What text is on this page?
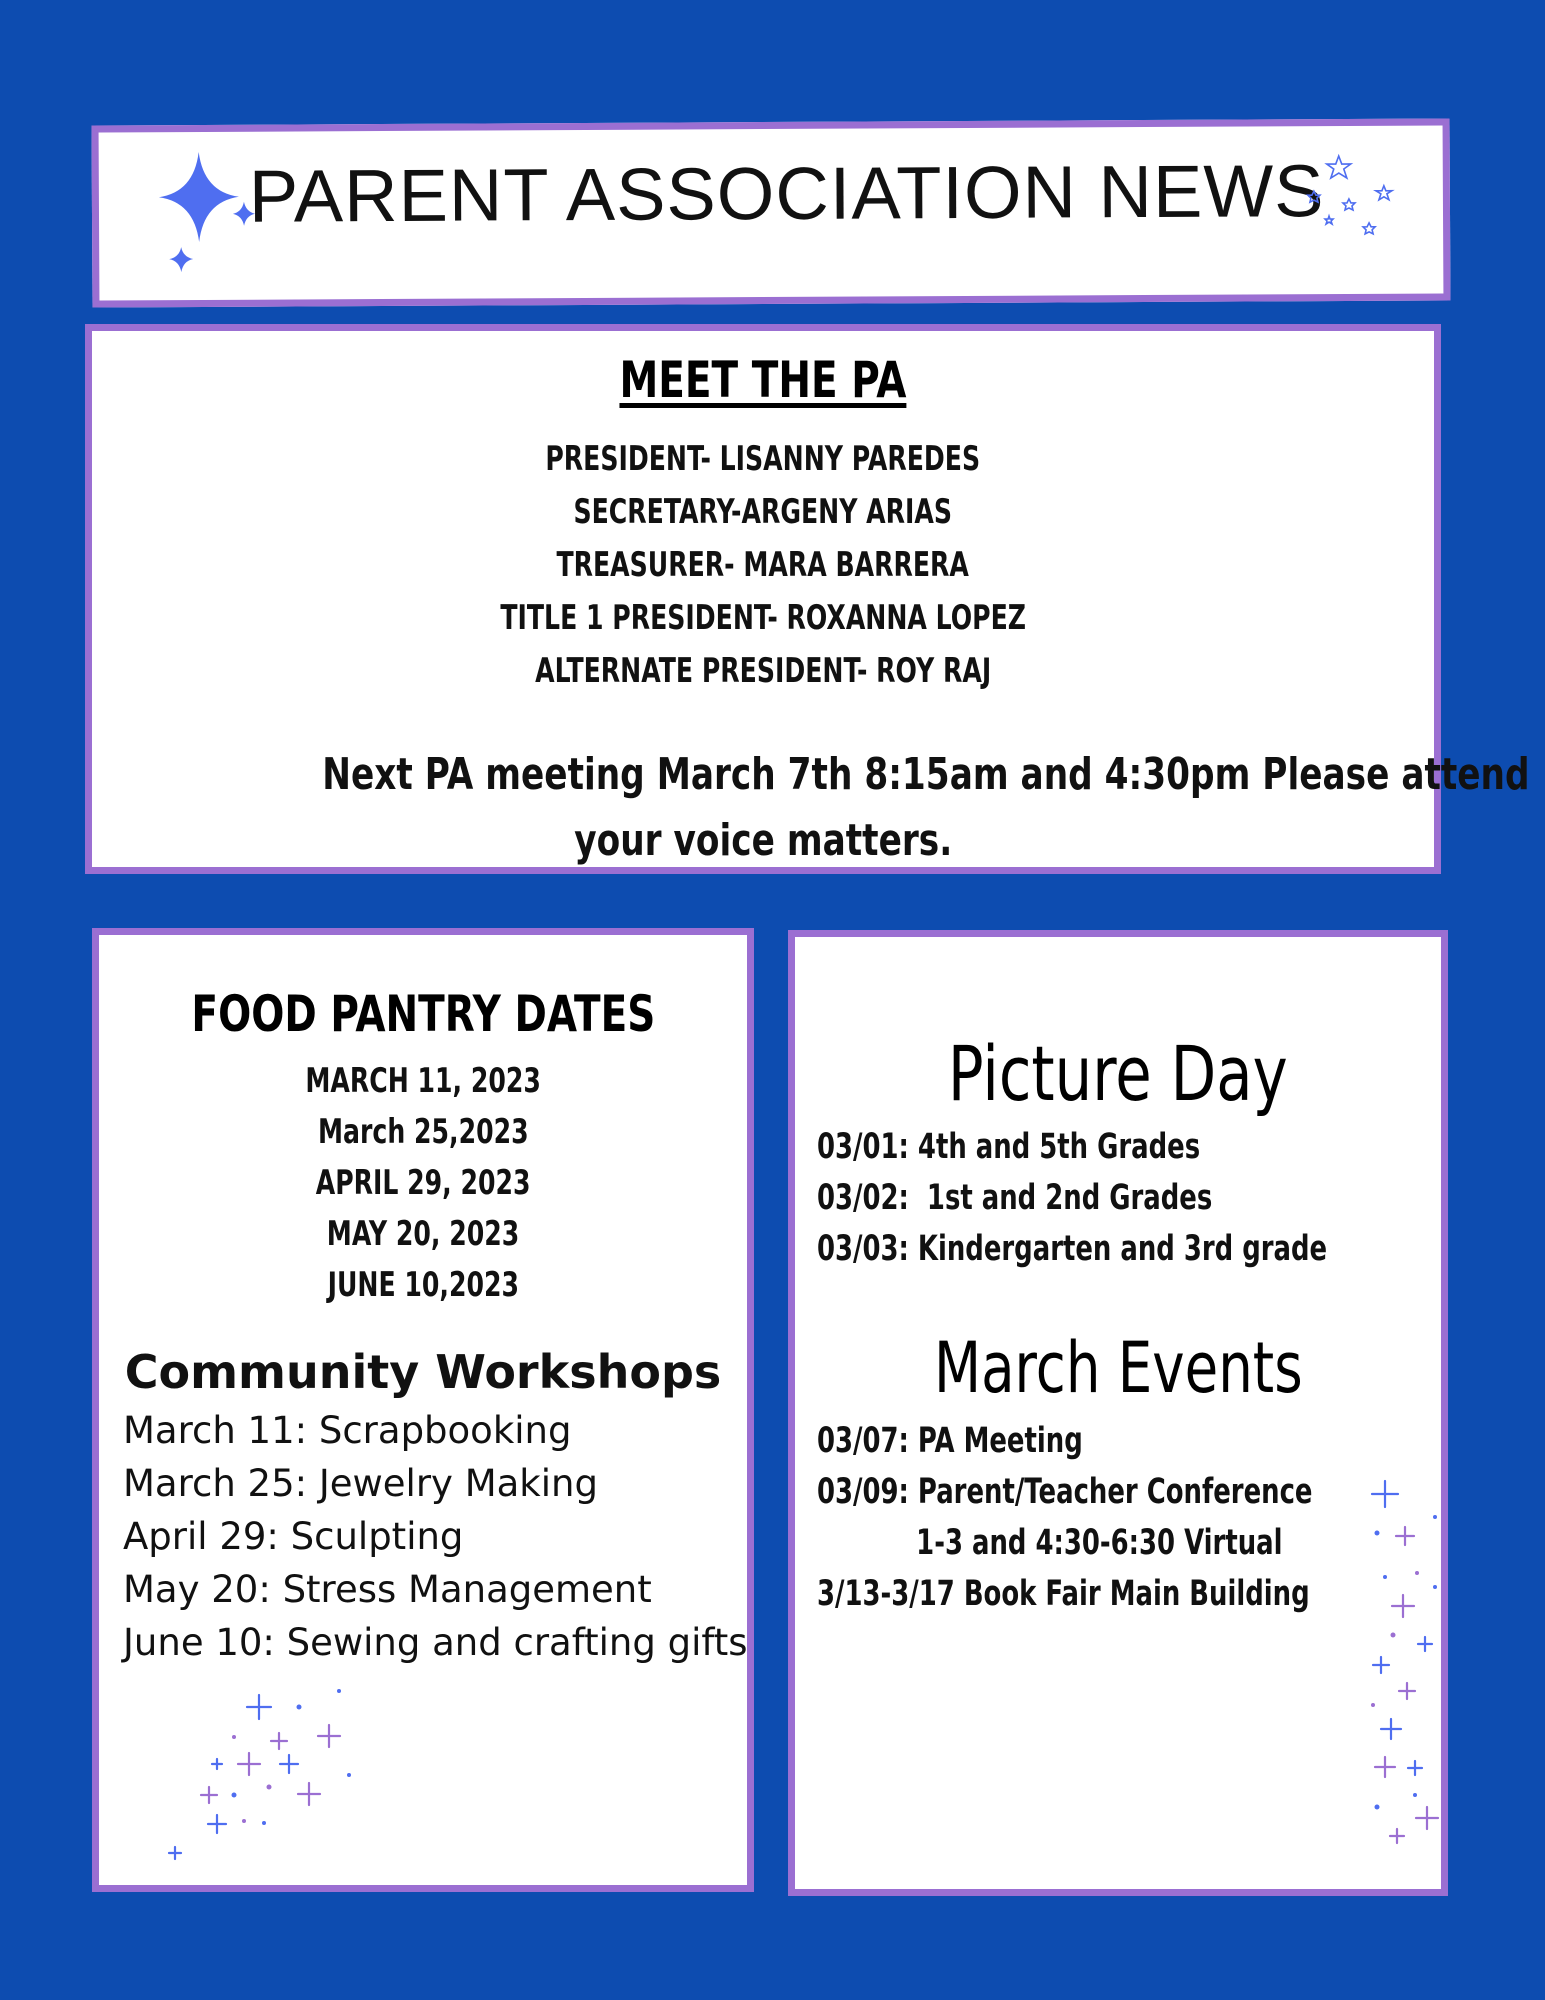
PARENT ASSOCIATION NEWS
MEET THE PA
PRESIDENT- LISANNY PAREDES
SECRETARY-ARGENY ARIAS
TREASURER- MARA BARRERA
TITLE 1 PRESIDENT- ROXANNA LOPEZ
ALTERNATE PRESIDENT- ROY RAJ
Next PA meeting March 7th 8:15am and 4:30pm Please attend
your voice matters.
FOOD PANTRY DATES
MARCH 11, 2023
March 25,2023
APRIL 29, 2023
MAY 20, 2023
JUNE 10,2023
Community Workshops
March 11: Scrapbooking
March 25: Jewelry Making
April 29: Sculpting
May 20: Stress Management
June 10: Sewing and crafting gifts
Picture Day
03/01: 4th and 5th Grades
03/02:  1st and 2nd Grades
03/03: Kindergarten and 3rd grade
March Events
03/07: PA Meeting
03/09: Parent/Teacher Conference
1-3 and 4:30-6:30 Virtual
3/13-3/17 Book Fair Main Building
